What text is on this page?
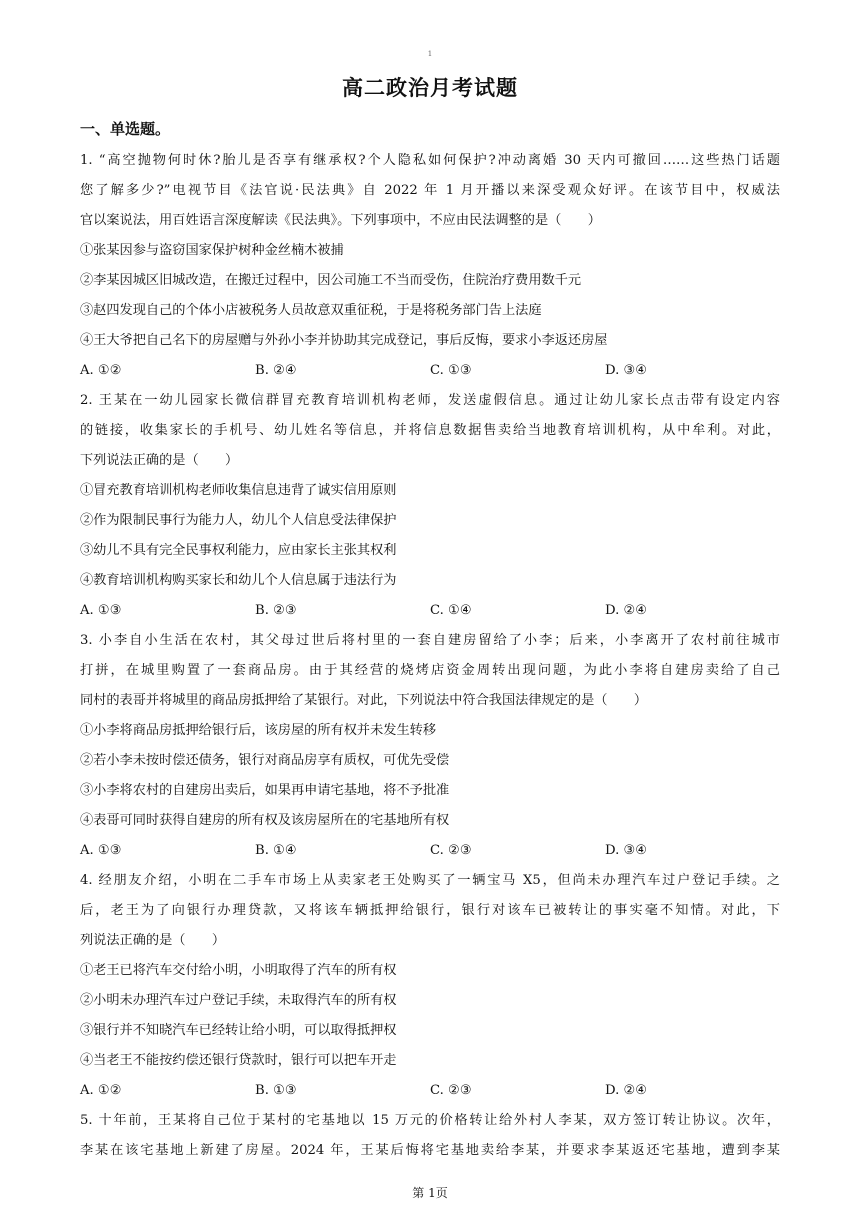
1
高二政治月考试题
一、单选题。
1. “高空抛物何时休?胎儿是否享有继承权?个人隐私如何保护?冲动离婚 30 天内可撤回……这些热门话题
您了解多少?”电视节目《法官说·民法典》自 2022 年 1 月开播以来深受观众好评。在该节目中，权威法
官以案说法，用百姓语言深度解读《民法典》。下列事项中，不应由民法调整的是（　　）
①张某因参与盗窃国家保护树种金丝楠木被捕
②李某因城区旧城改造，在搬迁过程中，因公司施工不当而受伤，住院治疗费用数千元
③赵四发现自己的个体小店被税务人员故意双重征税，于是将税务部门告上法庭
④王大爷把自己名下的房屋赠与外孙小李并协助其完成登记，事后反悔，要求小李返还房屋
A. ①②	B. ②④	C. ①③	D. ③④
2. 王某在一幼儿园家长微信群冒充教育培训机构老师，发送虚假信息。通过让幼儿家长点击带有设定内容
的链接，收集家长的手机号、幼儿姓名等信息，并将信息数据售卖给当地教育培训机构，从中牟利。对此，
下列说法正确的是（　　）
①冒充教育培训机构老师收集信息违背了诚实信用原则
②作为限制民事行为能力人，幼儿个人信息受法律保护
③幼儿不具有完全民事权利能力，应由家长主张其权利
④教育培训机构购买家长和幼儿个人信息属于违法行为
A. ①③	B. ②③	C. ①④	D. ②④
3. 小李自小生活在农村，其父母过世后将村里的一套自建房留给了小李；后来，小李离开了农村前往城市
打拼，在城里购置了一套商品房。由于其经营的烧烤店资金周转出现问题，为此小李将自建房卖给了自己
同村的表哥并将城里的商品房抵押给了某银行。对此，下列说法中符合我国法律规定的是（　　）
①小李将商品房抵押给银行后，该房屋的所有权并未发生转移
②若小李未按时偿还债务，银行对商品房享有质权，可优先受偿
③小李将农村的自建房出卖后，如果再申请宅基地，将不予批准
④表哥可同时获得自建房的所有权及该房屋所在的宅基地所有权
A. ①③	B. ①④	C. ②③	D. ③④
4. 经朋友介绍，小明在二手车市场上从卖家老王处购买了一辆宝马 X5，但尚未办理汽车过户登记手续。之
后，老王为了向银行办理贷款，又将该车辆抵押给银行，银行对该车已被转让的事实毫不知情。对此，下
列说法正确的是（　　）
①老王已将汽车交付给小明，小明取得了汽车的所有权
②小明未办理汽车过户登记手续，未取得汽车的所有权
③银行并不知晓汽车已经转让给小明，可以取得抵押权
④当老王不能按约偿还银行贷款时，银行可以把车开走
A. ①②	B. ①③	C. ②③	D. ②④
5. 十年前，王某将自己位于某村的宅基地以 15 万元的价格转让给外村人李某，双方签订转让协议。次年，
李某在该宅基地上新建了房屋。2024 年，王某后悔将宅基地卖给李某，并要求李某返还宅基地，遭到李某
第 1页
